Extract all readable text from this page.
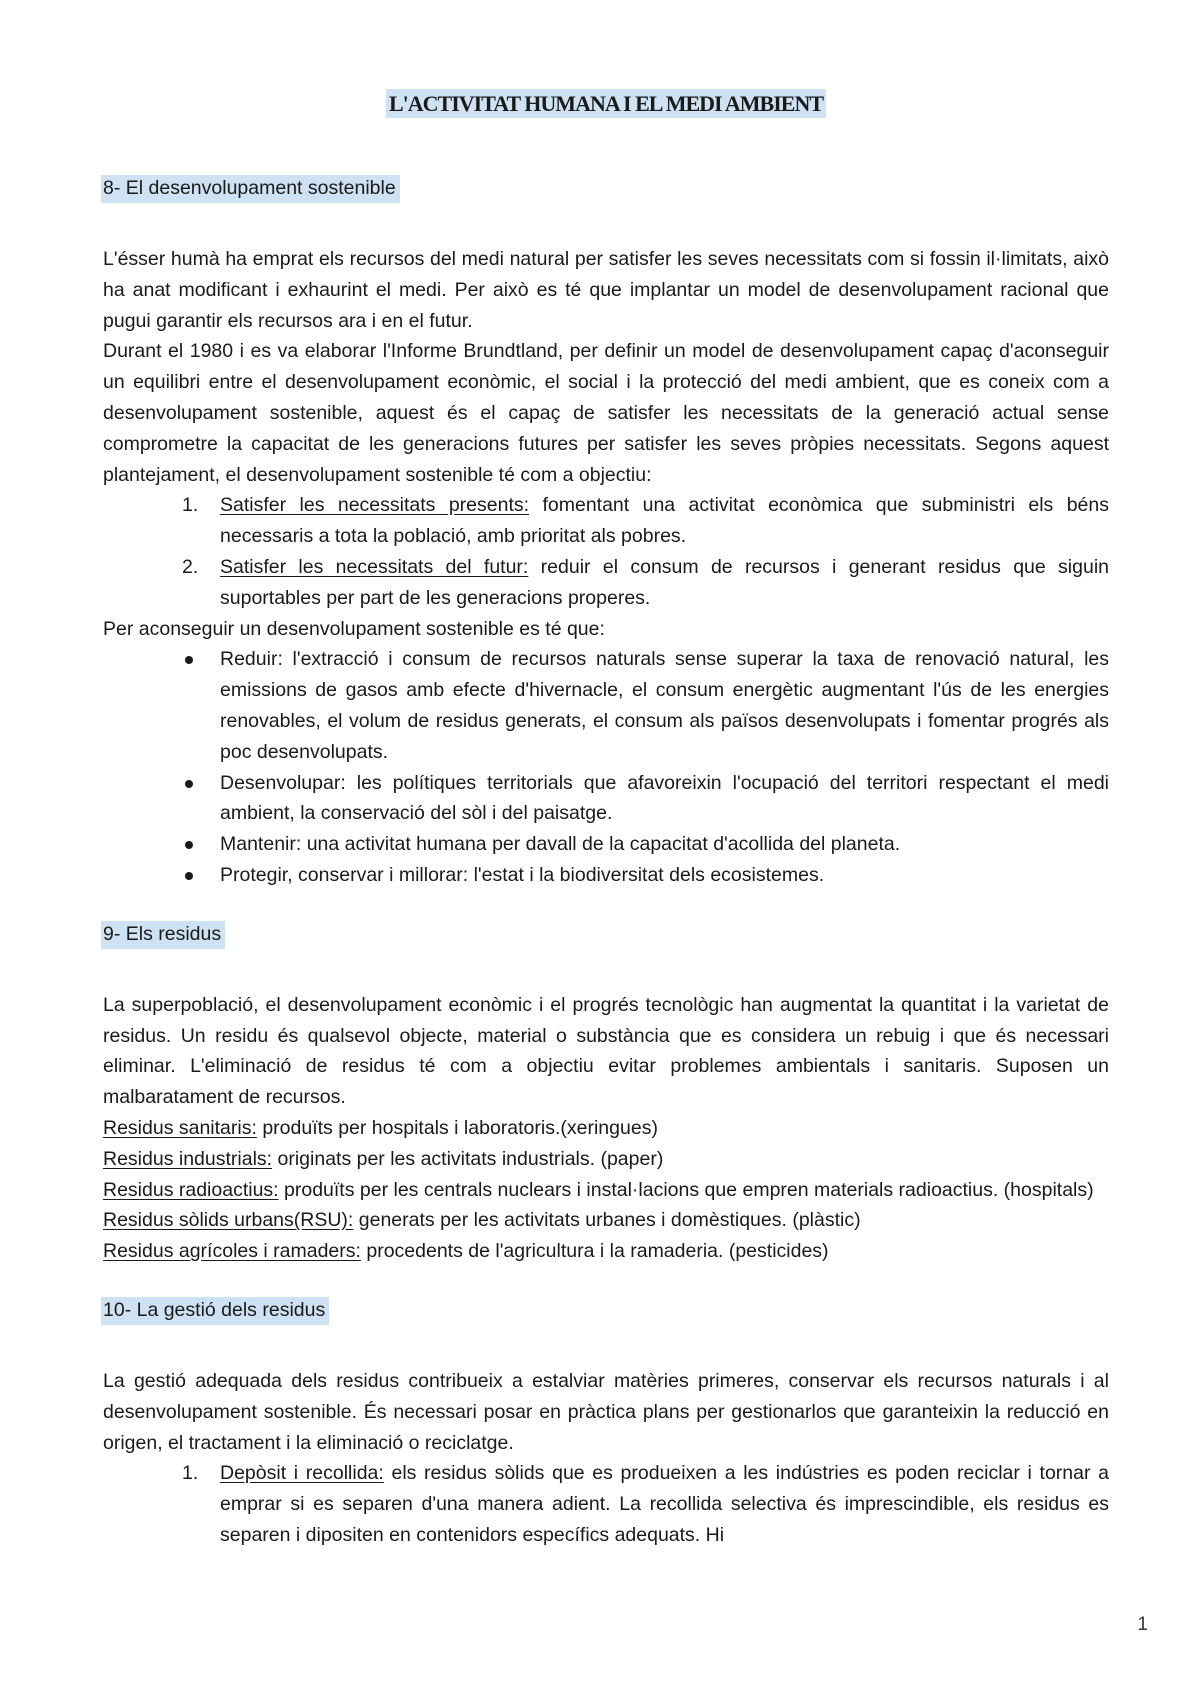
L'ACTIVITAT HUMANA I EL MEDI AMBIENT
8- El desenvolupament sostenible

L'ésser humà ha emprat els recursos del medi natural per satisfer les seves necessitats com si fossin il·limitats, això ha anat modificant i exhaurint el medi. Per això es té que implantar un model de desenvolupament racional que pugui garantir els recursos ara i en el futur.

Durant el 1980 i es va elaborar l'Informe Brundtland, per definir un model de desenvolupament capaç d'aconseguir un equilibri entre el desenvolupament econòmic, el social i la protecció del medi ambient, que es coneix com a desenvolupament sostenible, aquest és el capaç de satisfer les necessitats de la generació actual sense comprometre la capacitat de les generacions futures per satisfer les seves pròpies necessitats. Segons aquest plantejament, el desenvolupament sostenible té com a objectiu:

1. Satisfer les necessitats presents: fomentant una activitat econòmica que subministri els béns necessaris a tota la població, amb prioritat als pobres.
2. Satisfer les necessitats del futur: reduir el consum de recursos i generant residus que siguin suportables per part de les generacions properes.

Per aconseguir un desenvolupament sostenible es té que:

Reduir: l'extracció i consum de recursos naturals sense superar la taxa de renovació natural, les emissions de gasos amb efecte d'hivernacle, el consum energètic augmentant l'ús de les energies renovables, el volum de residus generats, el consum als països desenvolupats i fomentar progrés als poc desenvolupats.
Desenvolupar: les polítiques territorials que afavoreixin l'ocupació del territori respectant el medi ambient, la conservació del sòl i del paisatge.
Mantenir: una activitat humana per davall de la capacitat d'acollida del planeta.
Protegir, conservar i millorar: l'estat i la biodiversitat dels ecosistemes.
9- Els residus

La superpoblació, el desenvolupament econòmic i el progrés tecnològic han augmentat la quantitat i la varietat de residus. Un residu és qualsevol objecte, material o substància que es considera un rebuig i que és necessari eliminar. L'eliminació de residus té com a objectiu evitar problemes ambientals i sanitaris. Suposen un malbaratament de recursos.

Residus sanitaris: produïts per hospitals i laboratoris.(xeringues)

Residus industrials: originats per les activitats industrials. (paper)

Residus radioactius: produïts per les centrals nuclears i instal·lacions que empren materials radioactius. (hospitals)

Residus sòlids urbans(RSU): generats per les activitats urbanes i domèstiques. (plàstic)

Residus agrícoles i ramaders: procedents de l'agricultura i la ramaderia. (pesticides)

10- La gestió dels residus

La gestió adequada dels residus contribueix a estalviar matèries primeres, conservar els recursos naturals i al desenvolupament sostenible. És necessari posar en pràctica plans per gestionarlos que garanteixin la reducció en origen, el tractament i la eliminació o reciclatge.

1. Depòsit i recollida: els residus sòlids que es produeixen a les indústries es poden reciclar i tornar a emprar si es separen d'una manera adient. La recollida selectiva és imprescindible, els residus es separen i dipositen en contenidors específics adequats. Hi
1
